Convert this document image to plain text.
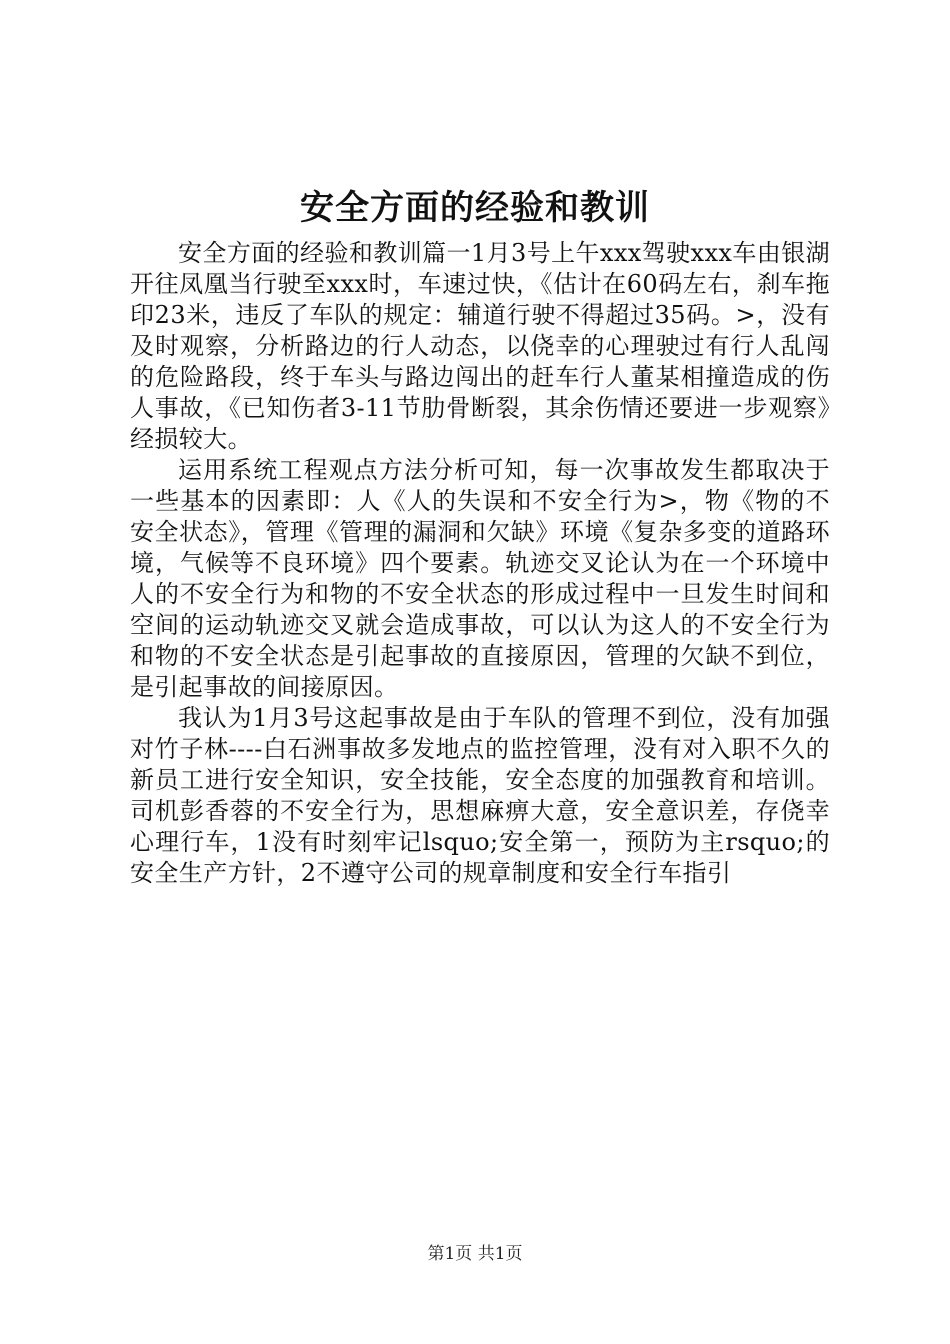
安全方面的经验和教训

安全方面的经验和教训篇一1月3号上午xxx驾驶xxx车由银湖开往凤凰当行驶至xxx时，车速过快，《估计在60码左右，刹车拖印23米，违反了车队的规定：辅道行驶不得超过35码。>，没有及时观察，分析路边的行人动态，以侥幸的心理驶过有行人乱闯的危险路段，终于车头与路边闯出的赶车行人董某相撞造成的伤人事故，《已知伤者3-11节肋骨断裂，其余伤情还要进一步观察》经损较大。

运用系统工程观点方法分析可知，每一次事故发生都取决于一些基本的因素即：人《人的失误和不安全行为>，物《物的不安全状态》，管理《管理的漏洞和欠缺》环境《复杂多变的道路环境，气候等不良环境》四个要素。轨迹交叉论认为在一个环境中人的不安全行为和物的不安全状态的形成过程中一旦发生时间和空间的运动轨迹交叉就会造成事故，可以认为这人的不安全行为和物的不安全状态是引起事故的直接原因，管理的欠缺不到位，是引起事故的间接原因。

我认为1月3号这起事故是由于车队的管理不到位，没有加强对竹子林----白石洲事故多发地点的监控管理，没有对入职不久的新员工进行安全知识，安全技能，安全态度的加强教育和培训。司机彭香蓉的不安全行为，思想麻痹大意，安全意识差，存侥幸心理行车，1没有时刻牢记lsquo;安全第一，预防为主rsquo;的安全生产方针，2不遵守公司的规章制度和安全行车指引

第1页 共1页
